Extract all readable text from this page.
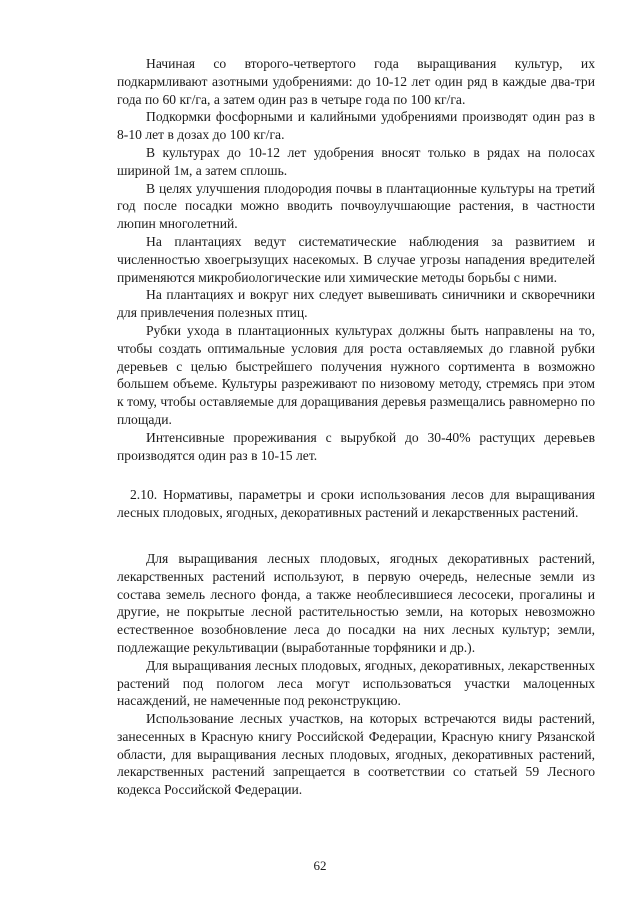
Начиная со второго-четвертого года выращивания культур, их подкармливают азотными удобрениями: до 10-12 лет один ряд в каждые два-три года по 60 кг/га, а затем один раз в четыре года по 100 кг/га.

Подкормки фосфорными и калийными удобрениями производят один раз в 8-10 лет в дозах до 100 кг/га.

В культурах до 10-12 лет удобрения вносят только в рядах на полосах шириной 1м, а затем сплошь.

В целях улучшения плодородия почвы в плантационные культуры на третий год после посадки можно вводить почвоулучшающие растения, в частности люпин многолетний.

На плантациях ведут систематические наблюдения за развитием и численностью хвоегрызущих насекомых. В случае угрозы нападения вредителей применяются микробиологические или химические методы борьбы с ними.

На плантациях и вокруг них следует вывешивать синичники и скворечники для привлечения полезных птиц.

Рубки ухода в плантационных культурах должны быть направлены на то, чтобы создать оптимальные условия для роста оставляемых до главной рубки деревьев с целью быстрейшего получения нужного сортимента в возможно большем объеме. Культуры разреживают по низовому методу, стремясь при этом к тому, чтобы оставляемые для доращивания деревья размещались равномерно по площади.

Интенсивные прореживания с вырубкой до 30-40% растущих деревьев производятся один раз в 10-15 лет.

2.10. Нормативы, параметры и сроки использования лесов для выращивания лесных плодовых, ягодных, декоративных растений и лекарственных растений.

Для выращивания лесных плодовых, ягодных декоративных растений, лекарственных растений используют, в первую очередь, нелесные земли из состава земель лесного фонда, а также необлесившиеся лесосеки, прогалины и другие, не покрытые лесной растительностью земли, на которых невозможно естественное возобновление леса до посадки на них лесных культур; земли, подлежащие рекультивации (выработанные торфяники и др.).

Для выращивания лесных плодовых, ягодных, декоративных, лекарственных растений под пологом леса могут использоваться участки малоценных насаждений, не намеченные под реконструкцию.

Использование лесных участков, на которых встречаются виды растений, занесенных в Красную книгу Российской Федерации, Красную книгу Рязанской области, для выращивания лесных плодовых, ягодных, декоративных растений, лекарственных растений запрещается в соответствии со статьей 59 Лесного кодекса Российской Федерации.

62
